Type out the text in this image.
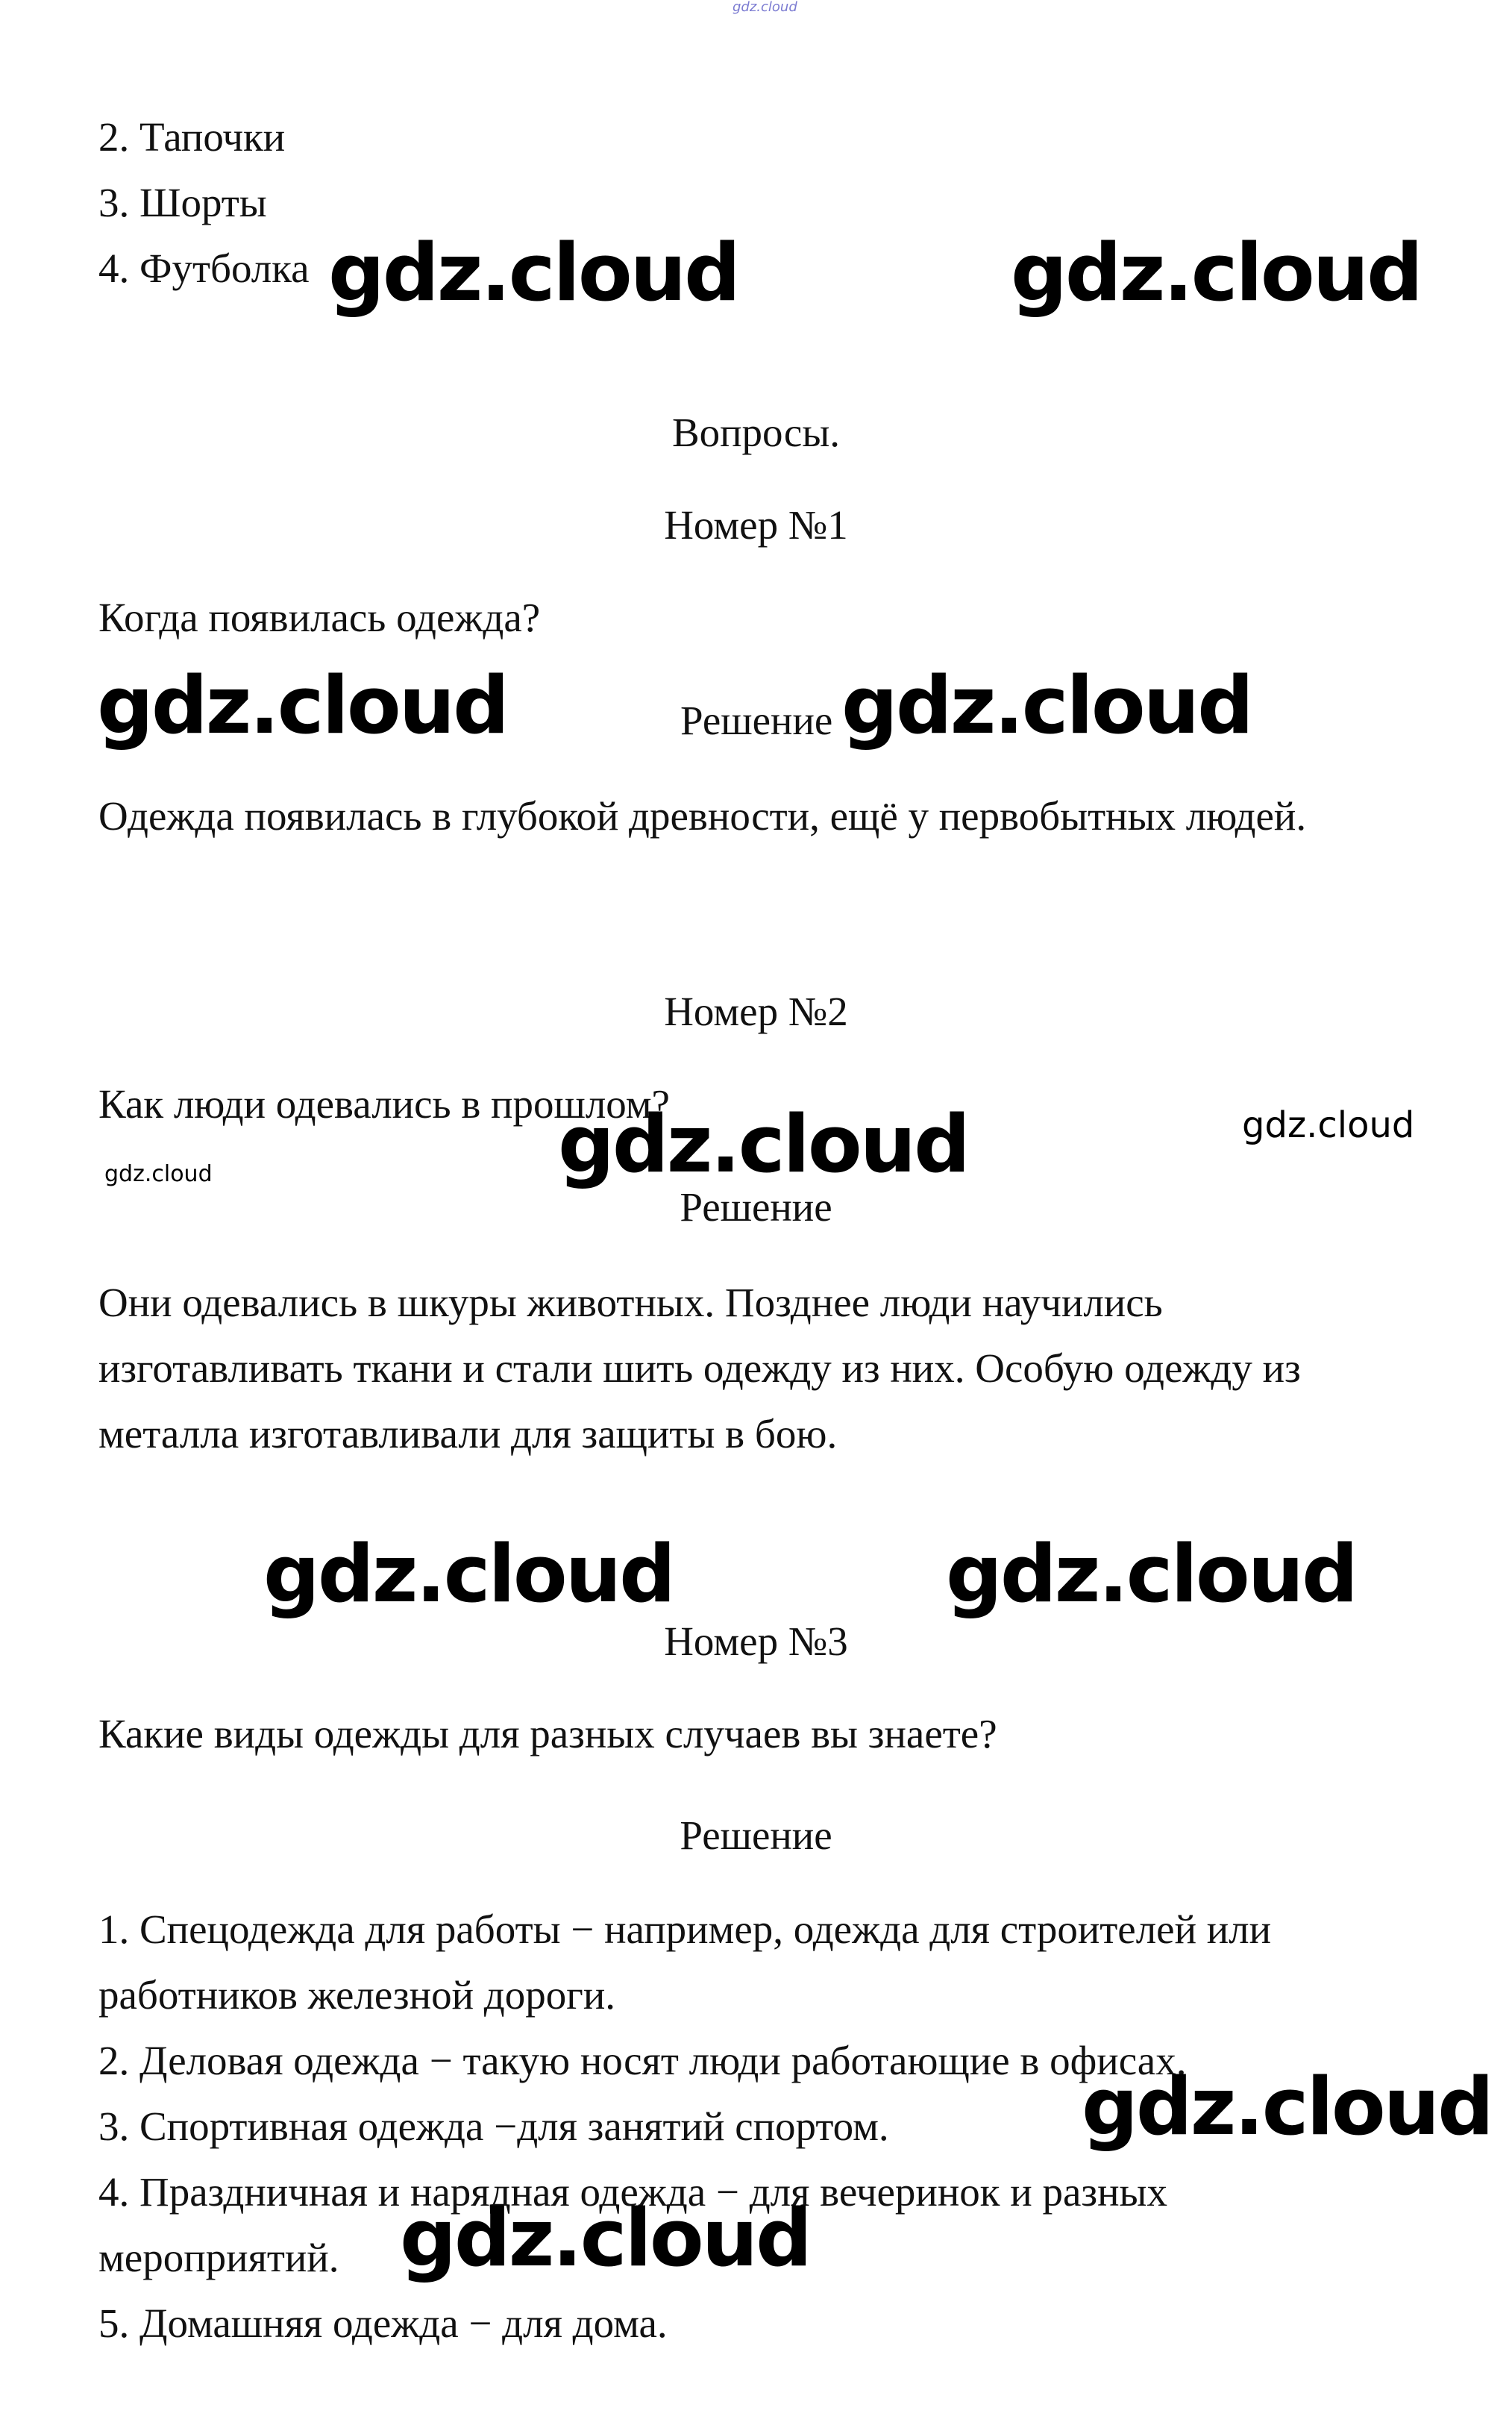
gdz.cloud
2. Тапочки
3. Шорты
4. Футболка
Вопросы.
Номер №1
Когда появилась одежда?
Решение
Одежда появилась в глубокой древности, ещё у первобытных людей.
Номер №2
Как люди одевались в прошлом?
Решение
Они одевались в шкуры животных. Позднее люди научились
изготавливать ткани и стали шить одежду из них. Особую одежду из
металла изготавливали для защиты в бою.
Номер №3
Какие виды одежды для разных случаев вы знаете?
Решение
1. Спецодежда для работы − например, одежда для строителей или
работников железной дороги.
2. Деловая одежда − такую носят люди работающие в офисах.
3. Спортивная одежда −для занятий спортом.
4. Праздничная и нарядная одежда − для вечеринок и разных
мероприятий.
5. Домашняя одежда − для дома.
gdz.cloud	gdz.cloud
gdz.cloud	gdz.cloud
gdz.cloud
gdz.cloud
gdz.cloud
gdz.cloud	gdz.cloud
gdz.cloud
gdz.cloud
